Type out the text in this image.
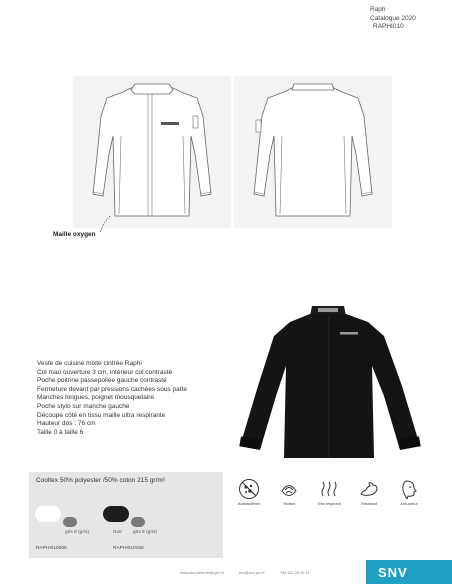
Raph
Catalogue 2020
RAPHI010
Maille oxygen
Veste de cuisine mixte cintrée Raphi
Col mao ouverture 3 cm, intérieur col contrasté
Poche poitrine passepoilée gauche contrasté
Fermeture devant par pressions cachées sous patte
Manches longues, poignet mousquetaire
Poche stylo sur manche gauche
Découpe côté en tissu maille ultra respirante
Hauteur dos : 76 cm
Taille 0 à taille 6
Cooltex 50% polyester /50% coton 215 gr/m²
gris 9 (gris)
RAPHI010050
Noir gris 9 (gris)
RAPHI010150
Antibactérien	Textton	Très respirant	Résistant	Anti-odeur
www.snv-vetements-pro.fr	snv@snv-pro.fr	+33 320 25 10 14	SNV
